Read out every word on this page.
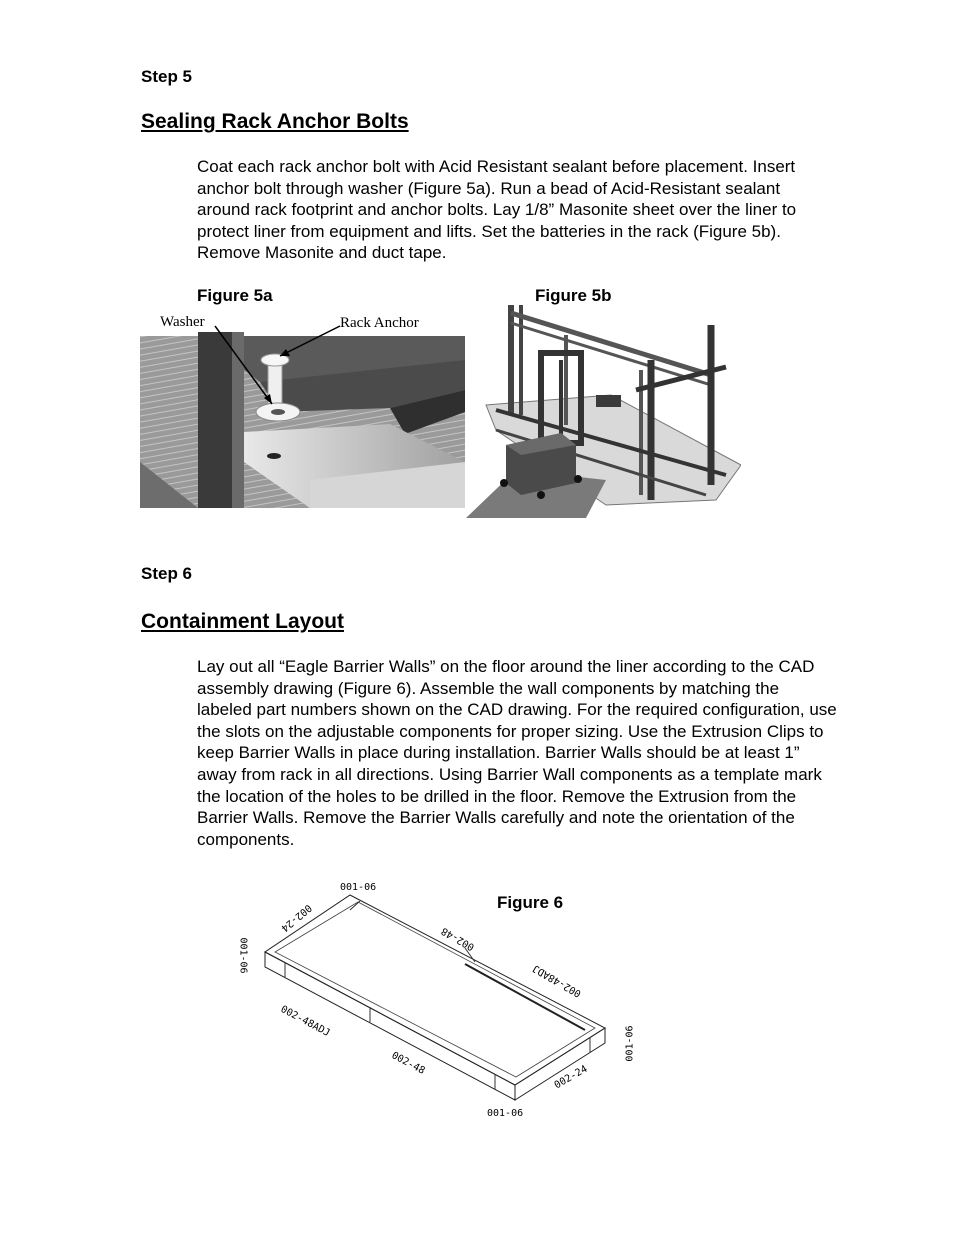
Step 5
Sealing Rack Anchor Bolts
Coat each rack anchor bolt with Acid Resistant sealant before placement. Insert anchor bolt through washer (Figure 5a). Run a bead of Acid-Resistant sealant around rack footprint and anchor bolts. Lay 1/8” Masonite sheet over the liner to protect liner from equipment and lifts. Set the batteries in the rack (Figure 5b). Remove Masonite and duct tape.
Figure 5a	Figure 5b
Washer	Rack Anchor
Step 6
Containment Layout
Lay out all “Eagle Barrier Walls” on the floor around the liner according to the CAD assembly drawing (Figure 6). Assemble the wall components by matching the labeled part numbers shown on the CAD drawing. For the required configuration, use the slots on the adjustable components for proper sizing. Use the Extrusion Clips to keep Barrier Walls in place during installation. Barrier Walls should be at least 1” away from rack in all directions. Using Barrier Wall components as a template mark the location of the holes to be drilled in the floor. Remove the Extrusion from the Barrier Walls. Remove the Barrier Walls carefully and note the orientation of the components.
Figure 6
001-06
001-06
001-06
001-06
002-24
002-24
002-48
002-48ADJ
002-48ADJ
002-48
